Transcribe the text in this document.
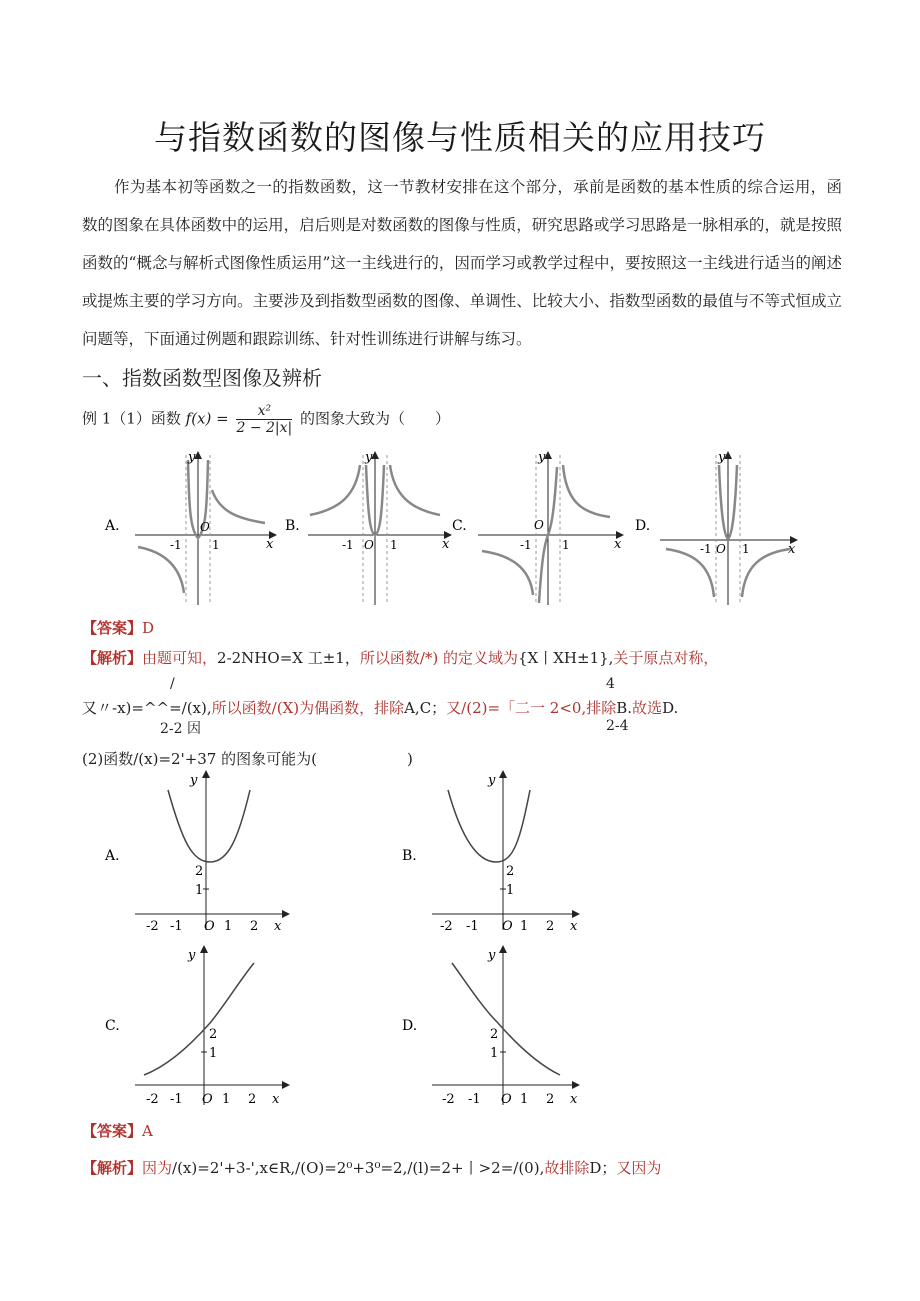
与指数函数的图像与性质相关的应用技巧
作为基本初等函数之一的指数函数，这一节教材安排在这个部分，承前是函数的基本性质的综合运用，函数的图象在具体函数中的运用，启后则是对数函数的图像与性质，研究思路或学习思路是一脉相承的，就是按照函数的“概念与解析式图像性质运用”这一主线进行的，因而学习或教学过程中，要按照这一主线进行适当的阐述或提炼主要的学习方向。主要涉及到指数型函数的图像、单调性、比较大小、指数型函数的最值与不等式恒成立问题等，下面通过例题和跟踪训练、针对性训练进行讲解与练习。
一、指数函数型图像及辨析
例 1（1）函数 $f(x) = \frac{\text{x²}}{2 - 2|x|}$ 的图象大致为（　　）
A.
-1	1
O
x
y
B.
-1	1
O	x
y
C.
-1	1
O
x
y
D.
-1	1
O	x
y
【答案】D
【解析】由题可知，2-2NHO=X 工±1，所以函数/*) 的定义域为{X丨XH±1},关于原点对称，
/	4
又〃-x)=^^=/(x),所以函数/(X)为偶函数，排除A,C；又/(2)=「二一 2<0,排除B.故选D.
2-2 因	2-4
(2)函数/(x)=2'+37 的图象可能为(　　　　　　)
A.
2
1
-2 -1 O 1 2 x
y
B.
2
1
-2 -1 O 1 2 x
y
C.
2
1
-2 -1 O 1 2 x
y
D.
2
1
-2 -1 O 1 2 x
y
【答案】A
【解析】因为/(x)=2'+3-',x∈R,/(O)=2⁰+3⁰=2,/(l)=2+丨>2=/(0),故排除D；又因为
